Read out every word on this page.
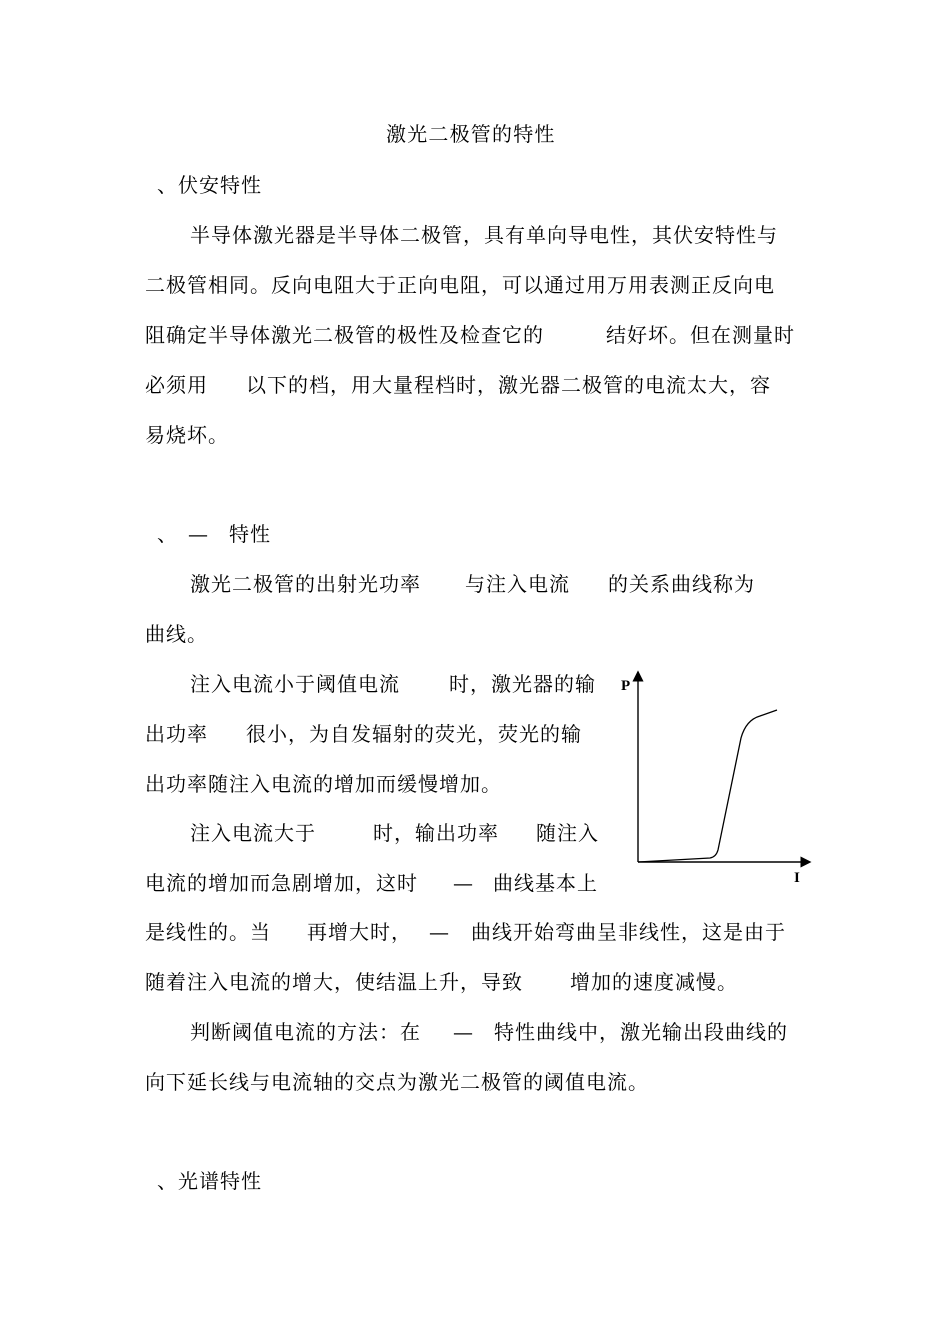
激光二极管的特性
、伏安特性
半导体激光器是半导体二极管，具有单向导电性，其伏安特性与
二极管相同。反向电阻大于正向电阻，可以通过用万用表测正反向电
阻确定半导体激光二极管的极性及检查它的	结好坏。但在测量时
必须用 以下的档，用大量程档时，激光器二极管的电流太大，容
易烧坏。
、 — 特性
激光二极管的出射光功率 与注入电流 的关系曲线称为
曲线。
注入电流小于阈值电流 时，激光器的输
出功率 很小，为自发辐射的荧光，荧光的输
出功率随注入电流的增加而缓慢增加。
注入电流大于	时，输出功率 随注入
电流的增加而急剧增加，这时 — 曲线基本上
是线性的。当 再增大时， — 曲线开始弯曲呈非线性，这是由于
随着注入电流的增大，使结温上升，导致 增加的速度减慢。
判断阈值电流的方法：在 — 特性曲线中，激光输出段曲线的
向下延长线与电流轴的交点为激光二极管的阈值电流。
、光谱特性
P
I
